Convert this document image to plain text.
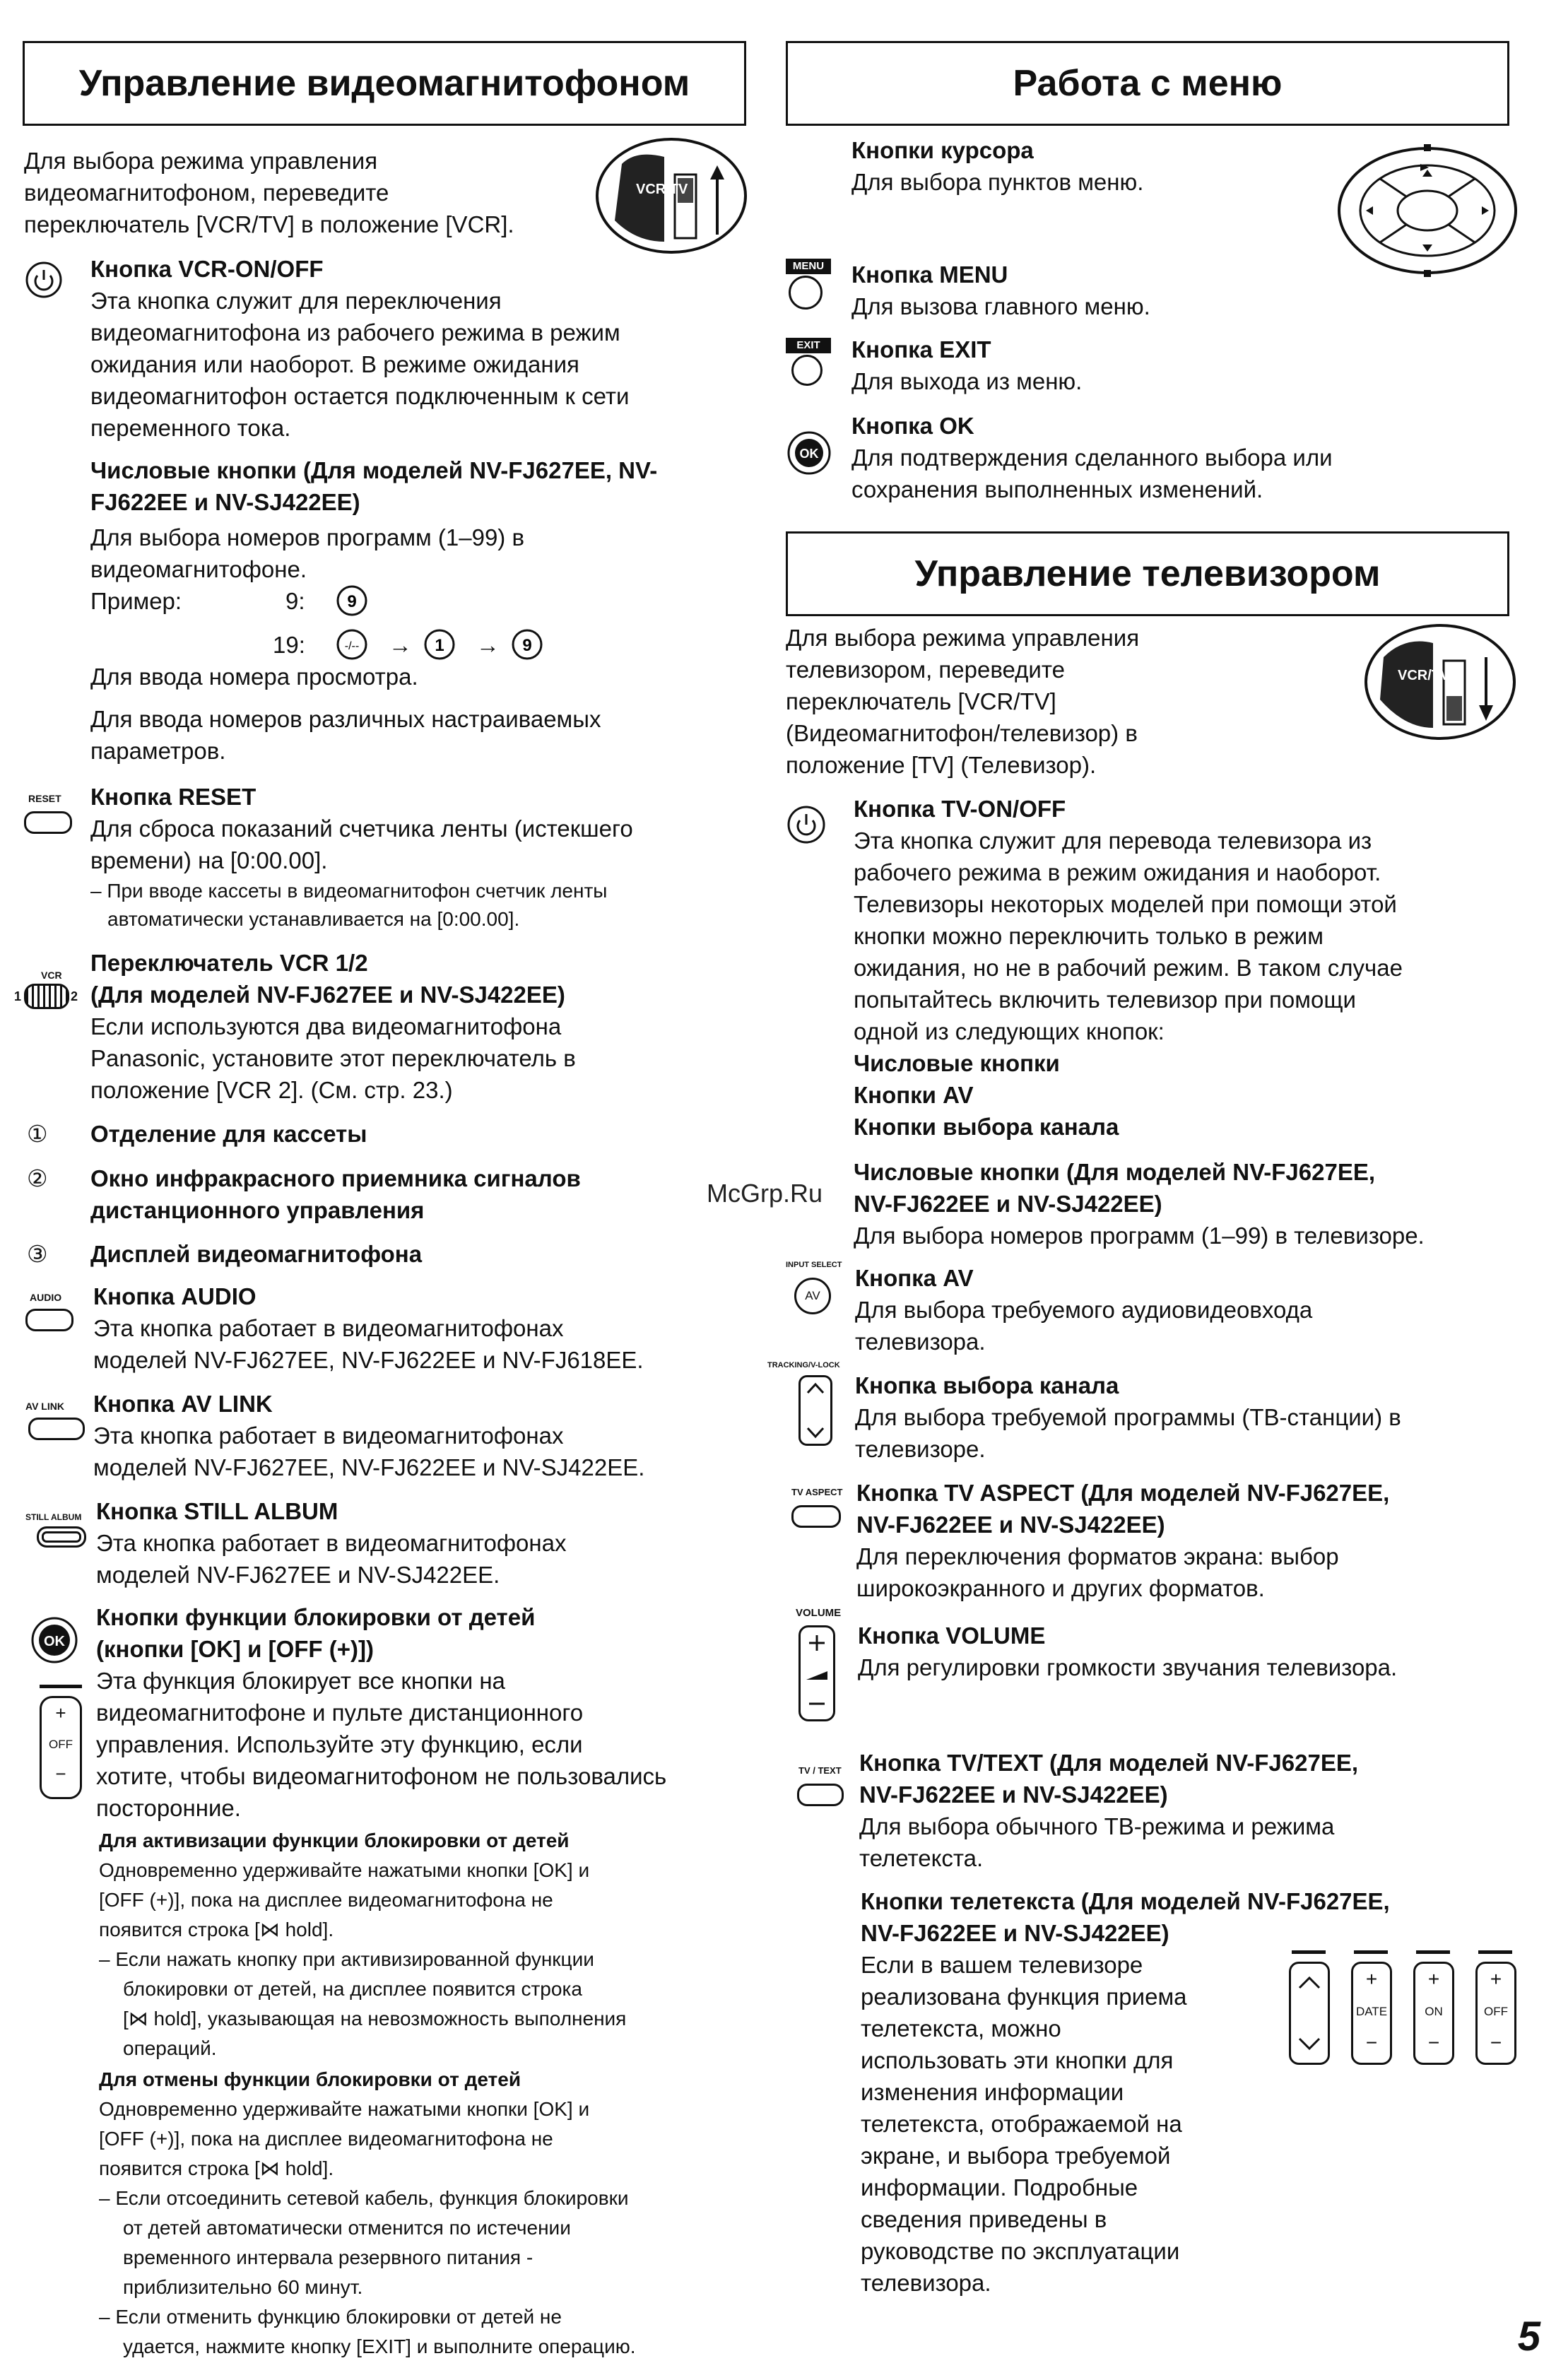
Управление видеомагнитофоном
Для выбора режима управления
видеомагнитофоном, переведите
переключатель [VCR/TV] в положение [VCR].
VCR/TV
Кнопка VCR-ON/OFF
Эта кнопка служит для переключения
видеомагнитофона из рабочего режима в режим
ожидания или наоборот. В режиме ожидания
видеомагнитофон остается подключенным к сети
переменного тока.
Числовые кнопки (Для моделей NV-FJ627EE, NV-
FJ622EE и NV-SJ422EE)
Для выбора номеров программ (1–99) в
видеомагнитофоне.
Пример:	9: 9
19:	-/-- → 1 → 9
Для ввода номера просмотра.
Для ввода номеров различных настраиваемых
параметров.
RESET Кнопка RESET
Для сброса показаний счетчика ленты (истекшего
времени) на [0:00.00].
– При вводе кассеты в видеомагнитофон счетчик ленты
автоматически устанавливается на [0:00.00].
VCR
1	2
Переключатель VCR 1/2
(Для моделей NV-FJ627EE и NV-SJ422EE)
Если используются два видеомагнитофона
Panasonic, установите этот переключатель в
положение [VCR 2]. (См. стр. 23.)
① Отделение для кассеты
② Окно инфракрасного приемника сигналов
дистанционного управления
③ Дисплей видеомагнитофона
AUDIO Кнопка AUDIO
Эта кнопка работает в видеомагнитофонах
моделей NV-FJ627EE, NV-FJ622EE и NV-FJ618EE.
AV LINK Кнопка AV LINK
Эта кнопка работает в видеомагнитофонах
моделей NV-FJ627EE, NV-FJ622EE и NV-SJ422EE.
STILL ALBUM Кнопка STILL ALBUM
Эта кнопка работает в видеомагнитофонах
моделей NV-FJ627EE и NV-SJ422EE.
OK
+
OFF
−
Кнопки функции блокировки от детей
(кнопки [OK] и [OFF (+)])
Эта функция блокирует все кнопки на
видеомагнитофоне и пульте дистанционного
управления. Используйте эту функцию, если
хотите, чтобы видеомагнитофоном не пользовались
посторонние.
Для активизации функции блокировки от детей
Одновременно удерживайте нажатыми кнопки [OK] и
[OFF (+)], пока на дисплее видеомагнитофона не
появится строка [⋈ hold].
– Если нажать кнопку при активизированной функции
блокировки от детей, на дисплее появится строка
[⋈ hold], указывающая на невозможность выполнения
операций.
Для отмены функции блокировки от детей
Одновременно удерживайте нажатыми кнопки [OK] и
[OFF (+)], пока на дисплее видеомагнитофона не
появится строка [⋈ hold].
– Если отсоединить сетевой кабель, функция блокировки
от детей автоматически отменится по истечении
временного интервала резервного питания -
приблизительно 60 минут.
– Если отменить функцию блокировки от детей не
удается, нажмите кнопку [EXIT] и выполните операцию.
Работа с меню
Кнопки курсора
Для выбора пунктов меню.
MENU	Кнопка MENU
Для вызова главного меню.
EXIT	Кнопка EXIT
Для выхода из меню.
OK
Кнопка OK
Для подтверждения сделанного выбора или
сохранения выполненных изменений.
Управление телевизором
Для выбора режима управления
телевизором, переведите
переключатель [VCR/TV]
(Видеомагнитофон/телевизор) в
положение [TV] (Телевизор).
VCR/TV
Кнопка TV-ON/OFF
Эта кнопка служит для перевода телевизора из
рабочего режима в режим ожидания и наоборот.
Телевизоры некоторых моделей при помощи этой
кнопки можно переключить только в режим
ожидания, но не в рабочий режим. В таком случае
попытайтесь включить телевизор при помощи
одной из следующих кнопок:
Числовые кнопки
Кнопки AV
Кнопки выбора канала
McGrp.Ru
Числовые кнопки (Для моделей NV-FJ627EE,
NV-FJ622EE и NV-SJ422EE)
Для выбора номеров программ (1–99) в телевизоре.
INPUT SELECT
AV
Кнопка AV
Для выбора требуемого аудиовидеовхода
телевизора.
TRACKING/V-LOCK
Кнопка выбора канала
Для выбора требуемой программы (ТВ-станции) в
телевизоре.
TV ASPECT Кнопка TV ASPECT (Для моделей NV-FJ627EE,
NV-FJ622EE и NV-SJ422EE)
Для переключения форматов экрана: выбор
широкоэкранного и других форматов.
VOLUME
Кнопка VOLUME
Для регулировки громкости звучания телевизора.
TV / TEXT Кнопка TV/TEXT (Для моделей NV-FJ627EE,
NV-FJ622EE и NV-SJ422EE)
Для выбора обычного ТВ-режима и режима
телетекста.
Кнопки телетекста (Для моделей NV-FJ627EE,
NV-FJ622EE и NV-SJ422EE)
Если в вашем телевизоре
реализована функция приема
телетекста, можно
использовать эти кнопки для
изменения информации
телетекста, отображаемой на
экране, и выбора требуемой
информации. Подробные
сведения приведены в
руководстве по эксплуатации
телевизора.
+
DATE
−
+
ON
−
+
OFF
−
5
